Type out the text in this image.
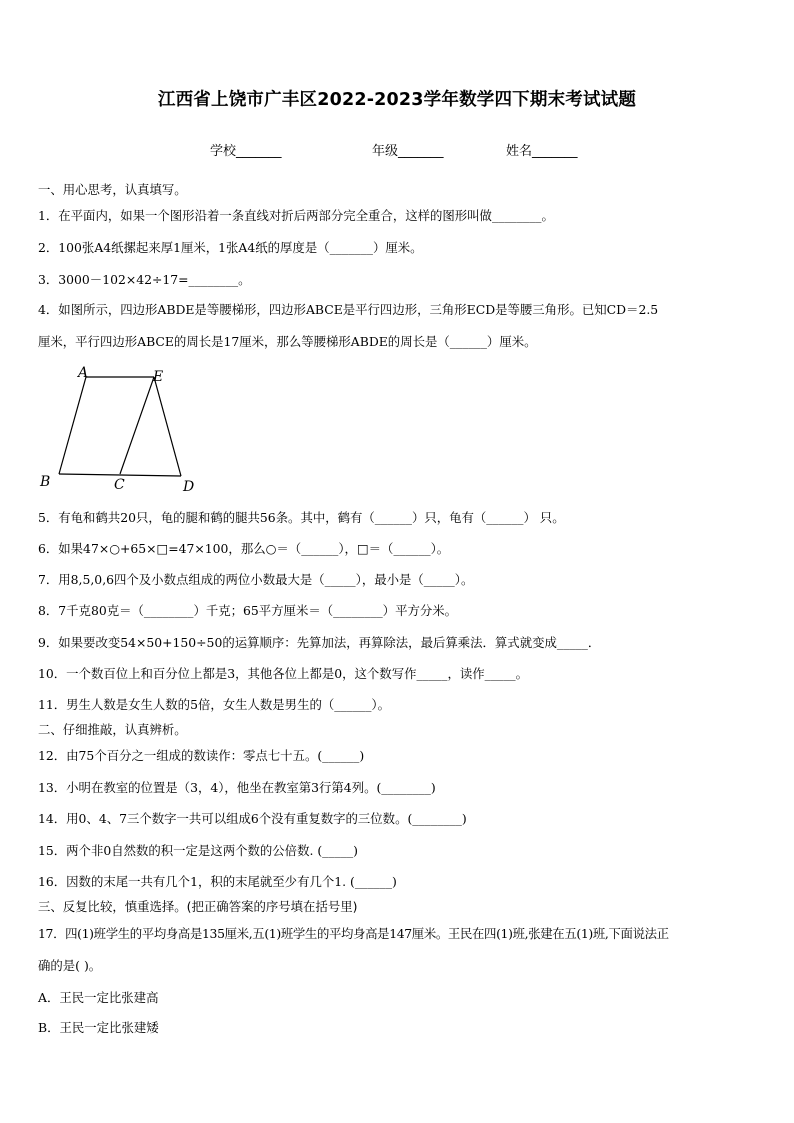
江西省上饶市广丰区2022-2023学年数学四下期末考试试题
学校_______	年级_______	姓名_______
一、用心思考，认真填写。
1．在平面内，如果一个图形沿着一条直线对折后两部分完全重合，这样的图形叫做________。
2．100张A4纸摞起来厚1厘米，1张A4纸的厚度是（_______）厘米。
3．3000－102×42÷17=________。
4．如图所示，四边形ABDE是等腰梯形，四边形ABCE是平行四边形，三角形ECD是等腰三角形。已知CD＝2.5
厘米，平行四边形ABCE的周长是17厘米，那么等腰梯形ABDE的周长是（______）厘米。
A	E
B	C	D
5．有龟和鹤共20只，龟的腿和鹤的腿共56条。其中，鹤有（______）只，龟有（______） 只。
6．如果47×○+65×□=47×100，那么○＝（______），□＝（______）。
7．用8,5,0,6四个及小数点组成的两位小数最大是（_____），最小是（_____）。
8．7千克80克＝（________）千克；65平方厘米＝（________）平方分米。
9．如果要改变54×50+150÷50的运算顺序：先算加法，再算除法，最后算乘法．算式就变成_____．
10．一个数百位上和百分位上都是3，其他各位上都是0，这个数写作_____，读作_____。
11．男生人数是女生人数的5倍，女生人数是男生的（______）。
二、仔细推敲，认真辨析。
12．由75个百分之一组成的数读作：零点七十五。(______)
13．小明在教室的位置是（3，4），他坐在教室第3行第4列。(________)
14．用0、4、7三个数字一共可以组成6个没有重复数字的三位数。(________)
15．两个非0自然数的积一定是这两个数的公倍数. (_____)
16．因数的末尾一共有几个1，积的末尾就至少有几个1. (______)
三、反复比较，慎重选择。(把正确答案的序号填在括号里)
17．四(1)班学生的平均身高是135厘米,五(1)班学生的平均身高是147厘米。王民在四(1)班,张建在五(1)班,下面说法正
确的是( )。
A．王民一定比张建高
B．王民一定比张建矮
